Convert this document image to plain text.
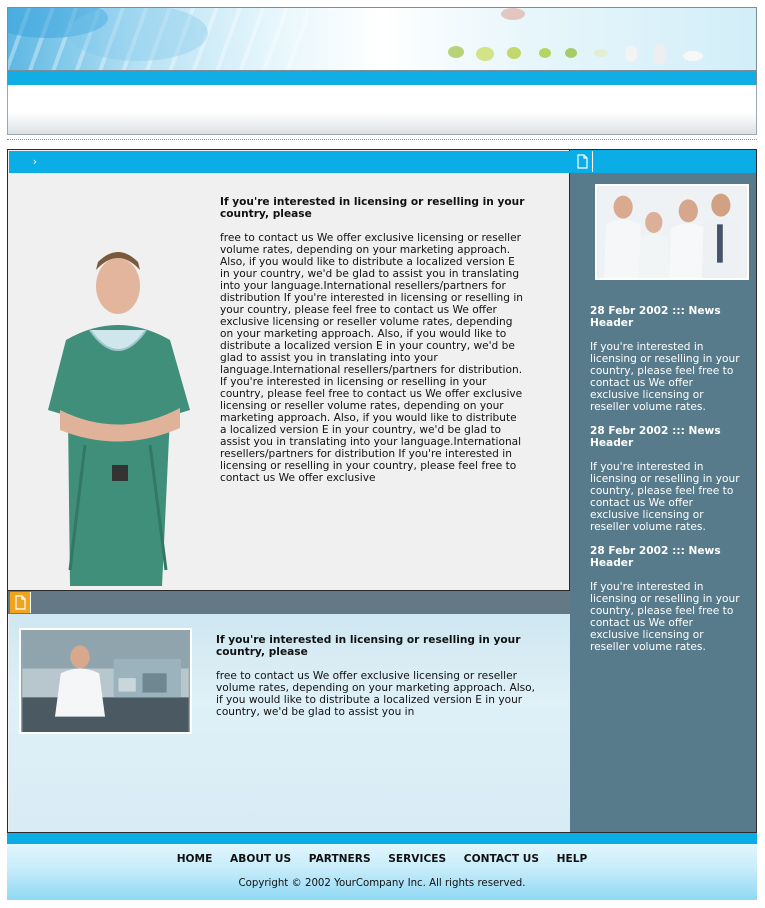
›
If you're interested in licensing or reselling in your country, please

free to contact us We offer exclusive licensing or reseller volume rates, depending on your marketing approach. Also, if you would like to distribute a localized version E in your country, we'd be glad to assist you in translating into your language.International resellers/partners for distribution If you're interested in licensing or reselling in your country, please feel free to contact us We offer exclusive licensing or reseller volume rates, depending on your marketing approach. Also, if you would like to distribute a localized version E in your country, we'd be glad to assist you in translating into your language.International resellers/partners for distribution.

If you're interested in licensing or reselling in your country, please feel free to contact us We offer exclusive licensing or reseller volume rates, depending on your marketing approach. Also, if you would like to distribute a localized version E in your country, we'd be glad to assist you in translating into your language.International resellers/partners for distribution If you're interested in licensing or reselling in your country, please feel free to contact us We offer exclusive

If you're interested in licensing or reselling in your country, please

free to contact us We offer exclusive licensing or reseller volume rates, depending on your marketing approach. Also, if you would like to distribute a localized version E in your country, we'd be glad to assist you in

28 Febr 2002 ::: News Header

If you're interested in licensing or reselling in your country, please feel free to contact us We offer exclusive licensing or reseller volume rates.

28 Febr 2002 ::: News Header

If you're interested in licensing or reselling in your country, please feel free to contact us We offer exclusive licensing or reseller volume rates.

28 Febr 2002 ::: News Header

If you're interested in licensing or reselling in your country, please feel free to contact us We offer exclusive licensing or reseller volume rates.

HOME ABOUT US PARTNERS SERVICES CONTACT US HELP
Copyright © 2002 YourCompany Inc. All rights reserved.
